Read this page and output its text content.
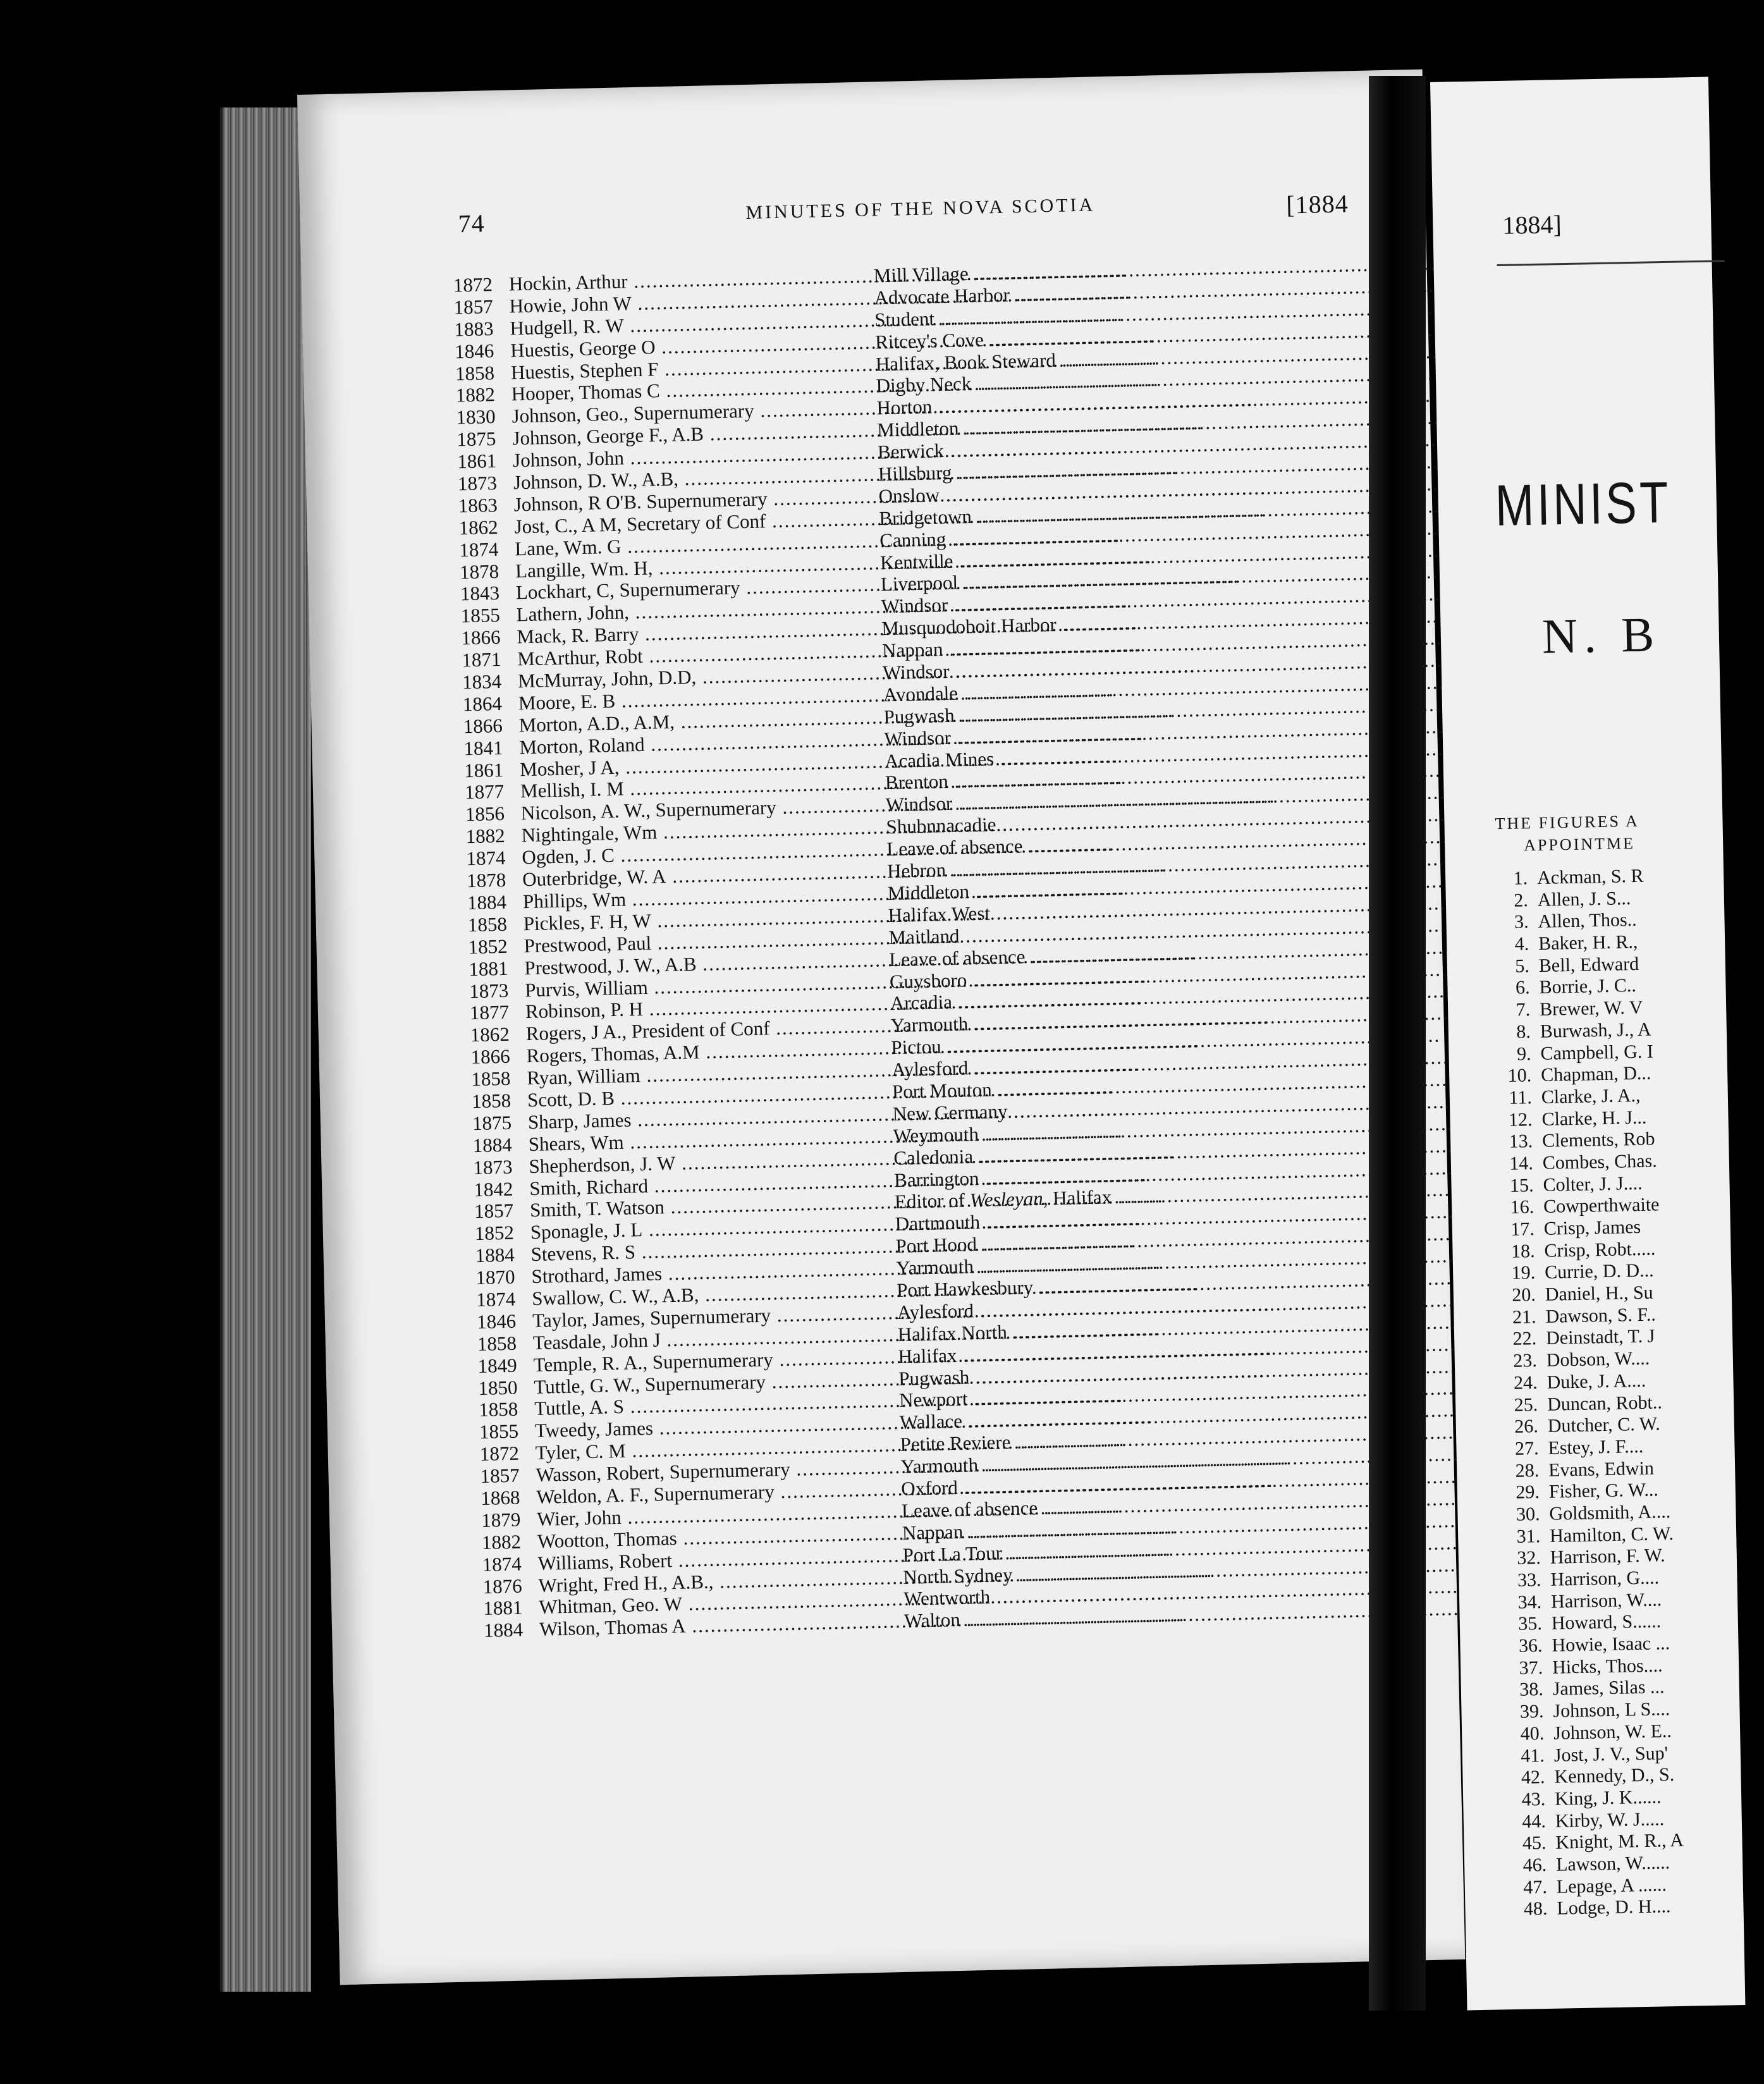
74
MINUTES OF THE NOVA SCOTIA	[1884
1872 Hockin, Arthur .....	Mill Village .....
1857 Howie, John W .....	Advocate Harbor .....
1883 Hudgell, R. W .....	Student .....
1846 Huestis, George O .....	Ritcey's Cove .....
1858 Huestis, Stephen F .....	Halifax, Book Steward .....
1882 Hooper, Thomas C .....	Digby Neck .....
1830 Johnson, Geo., Supernumerary .....	Horton .....
1875 Johnson, George F., A.B .....	Middleton .....
1861 Johnson, John .....	Berwick .....
1873 Johnson, D. W., A.B, .....	Hillsburg .....
1863 Johnson, R O'B. Supernumerary .....	Onslow .....
1862 Jost, C., A M, Secretary of Conf .....	Bridgetown .....
1874 Lane, Wm. G .....	Canning .....
1878 Langille, Wm. H, .....	Kentville .....
1843 Lockhart, C, Supernumerary .....	Liverpool .....
1855 Lathern, John, .....	Windsor .....
1866 Mack, R. Barry .....	Musquodoboit Harbor .....
1871 McArthur, Robt .....	Nappan .....
1834 McMurray, John, D.D, .....	Windsor .....
1864 Moore, E. B .....	Avondale .....
1866 Morton, A.D., A.M, .....	Pugwash .....
1841 Morton, Roland .....	Windsor .....
1861 Mosher, J A, .....	Acadia Mines .....
1877 Mellish, I. M .....	Brenton .....
1856 Nicolson, A. W., Supernumerary .....	Windsor .....
1882 Nightingale, Wm .....	Shubnnacadie .....
1874 Ogden, J. C .....	Leave of absence .....
1878 Outerbridge, W. A .....	Hebron .....
1884 Phillips, Wm .....	Middleton .....
1858 Pickles, F. H, W .....	Halifax West .....
1852 Prestwood, Paul .....	Maitland .....
1881 Prestwood, J. W., A.B .....	Leave of absence .....
1873 Purvis, William .....	Guysboro .....
1877 Robinson, P. H .....	Arcadia .....
1862 Rogers, J A., President of Conf .....	Yarmouth .....
1866 Rogers, Thomas, A.M .....	Pictou .....
1858 Ryan, William .....	Aylesford .....
1858 Scott, D. B .....	Port Mouton .....
1875 Sharp, James .....	New Germany .....
1884 Shears, Wm .....	Weymouth .....
1873 Shepherdson, J. W .....	Caledonia .....
1842 Smith, Richard .....	Barrington .....
1857 Smith, T. Watson .....	Editor of Wesleyan, Halifax .....
1852 Sponagle, J. L .....	Dartmouth .....
1884 Stevens, R. S .....	Port Hood .....
1870 Strothard, James .....	Yarmouth .....
1874 Swallow, C. W., A.B, .....	Port Hawkesbury .....
1846 Taylor, James, Supernumerary .....	Aylesford .....
1858 Teasdale, John J .....	Halifax North .....
1849 Temple, R. A., Supernumerary .....	Halifax .....
1850 Tuttle, G. W., Supernumerary .....	Pugwash .....
1858 Tuttle, A. S .....	Newport .....
1855 Tweedy, James .....	Wallace .....
1872 Tyler, C. M .....	Petite Reviere .....
1857 Wasson, Robert, Supernumerary .....	Yarmouth .....
1868 Weldon, A. F., Supernumerary .....	Oxford .....
1879 Wier, John .....	Leave of absence .....
1882 Wootton, Thomas .....	Nappan .....
1874 Williams, Robert .....	Port La Tour .....
1876 Wright, Fred H., A.B., .....	North Sydney .....
1881 Whitman, Geo. W .....	Wentworth .....
1884 Wilson, Thomas A .....	Walton .....
1884]
MINIST
N. B
THE FIGURES A
APPOINTME
1. Ackman, S. R
2. Allen, J. S...
3. Allen, Thos..
4. Baker, H. R.,
5. Bell, Edward
6. Borrie, J. C..
7. Brewer, W. V
8. Burwash, J., A
9. Campbell, G. I
10. Chapman, D...
11. Clarke, J. A.,
12. Clarke, H. J...
13. Clements, Rob
14. Combes, Chas.
15. Colter, J. J....
16. Cowperthwaite
17. Crisp, James
18. Crisp, Robt.....
19. Currie, D. D...
20. Daniel, H., Su
21. Dawson, S. F..
22. Deinstadt, T. J
23. Dobson, W....
24. Duke, J. A....
25. Duncan, Robt..
26. Dutcher, C. W.
27. Estey, J. F....
28. Evans, Edwin
29. Fisher, G. W...
30. Goldsmith, A....
31. Hamilton, C. W.
32. Harrison, F. W.
33. Harrison, G....
34. Harrison, W....
35. Howard, S......
36. Howie, Isaac ...
37. Hicks, Thos....
38. James, Silas ...
39. Johnson, L S....
40. Johnson, W. E..
41. Jost, J. V., Sup'
42. Kennedy, D., S.
43. King, J. K......
44. Kirby, W. J.....
45. Knight, M. R., A
46. Lawson, W......
47. Lepage, A ......
48. Lodge, D. H....
